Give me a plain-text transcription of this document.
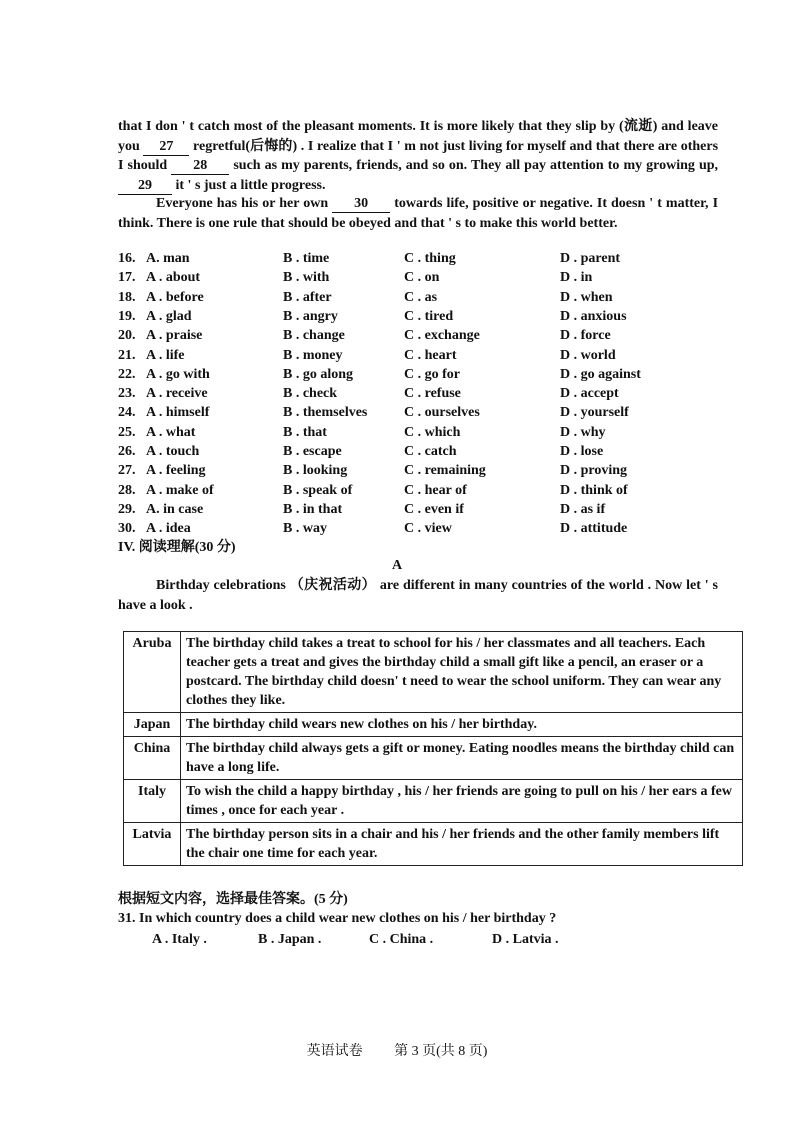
that I don ' t catch most of the pleasant moments. It is more likely that they slip by (流逝) and leave you 27 regretful(后悔的) . I realize that I ' m not just living for myself and that there are others I should 28 such as my parents, friends, and so on. They all pay attention to my growing up, 29 it ' s just a little progress.
Everyone has his or her own 30 towards life, positive or negative. It doesn ' t matter, I think. There is one rule that should be obeyed and that ' s to make this world better.
16. A. man	B . time	C . thing	D . parent
17. A . about	B . with	C . on	D . in
18. A . before	B . after	C . as	D . when
19. A . glad	B . angry	C . tired	D . anxious
20. A . praise	B . change	C . exchange	D . force
21. A . life	B . money	C . heart	D . world
22. A . go with	B . go along	C . go for	D . go against
23. A . receive	B . check	C . refuse	D . accept
24. A . himself	B . themselves	C . ourselves	D . yourself
25. A . what	B . that	C . which	D . why
26. A . touch	B . escape	C . catch	D . lose
27. A . feeling	B . looking	C . remaining	D . proving
28. A . make of	B . speak of	C . hear of	D . think of
29. A. in case	B . in that	C . even if	D . as if
30. A . idea	B . way	C . view	D . attitude
IV. 阅读理解(30 分)
A
Birthday celebrations （庆祝活动） are different in many countries of the world . Now let ' s have a look .
Aruba	The birthday child takes a treat to school for his / her classmates and all teachers. Each teacher gets a treat and gives the birthday child a small gift like a pencil, an eraser or a postcard. The birthday child doesn' t need to wear the school uniform. They can wear any clothes they like.
Japan	The birthday child wears new clothes on his / her birthday.
China	The birthday child always gets a gift or money. Eating noodles means the birthday child can have a long life.
Italy	To wish the child a happy birthday , his / her friends are going to pull on his / her ears a few times , once for each year .
Latvia	The birthday person sits in a chair and his / her friends and the other family members lift the chair one time for each year.
根据短文内容，选择最佳答案。(5 分)
31. In which country does a child wear new clothes on his / her birthday ?
A . Italy .	B . Japan .	C . China .	D . Latvia .
英语试卷 第 3 页(共 8 页)
